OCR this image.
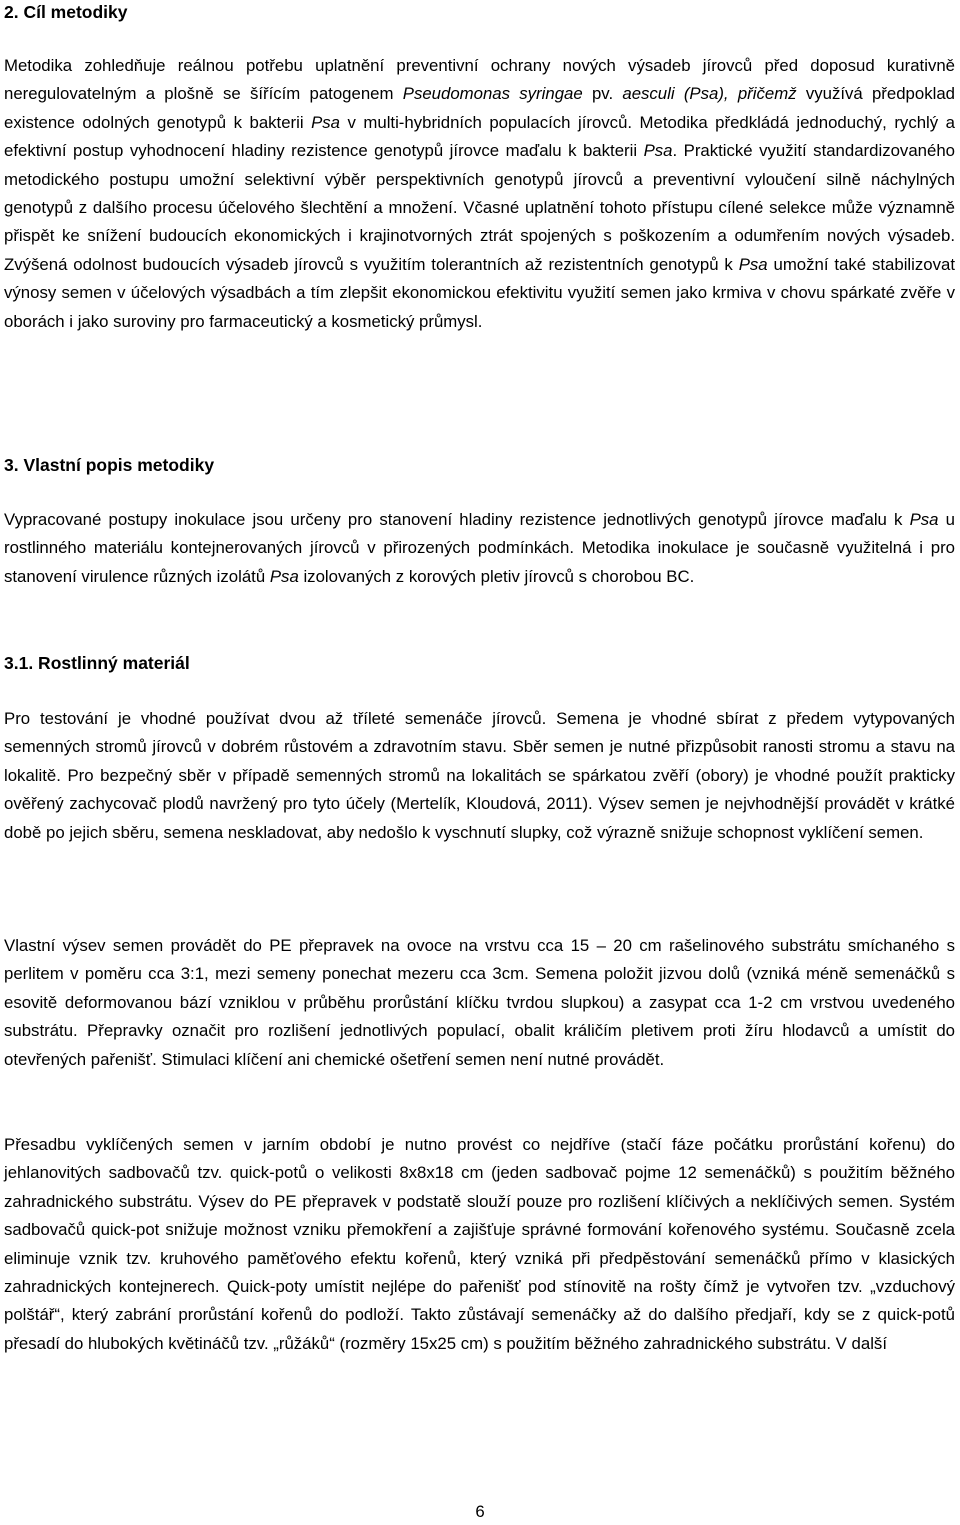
2. Cíl metodiky
Metodika zohledňuje reálnou potřebu uplatnění preventivní ochrany nových výsadeb jírovců před doposud kurativně neregulovatelným a plošně se šířícím patogenem Pseudomonas syringae pv. aesculi (Psa), přičemž využívá předpoklad existence odolných genotypů k bakterii Psa v multi-hybridních populacích jírovců. Metodika předkládá jednoduchý, rychlý a efektivní postup vyhodnocení hladiny rezistence genotypů jírovce maďalu k bakterii Psa. Praktické využití standardizovaného metodického postupu umožní selektivní výběr perspektivních genotypů jírovců a preventivní vyloučení silně náchylných genotypů z dalšího procesu účelového šlechtění a množení. Včasné uplatnění tohoto přístupu cílené selekce může významně přispět ke snížení budoucích ekonomických i krajinotvorných ztrát spojených s poškozením a odumřením nových výsadeb. Zvýšená odolnost budoucích výsadeb jírovců s využitím tolerantních až rezistentních genotypů k Psa umožní také stabilizovat výnosy semen v účelových výsadbách a tím zlepšit ekonomickou efektivitu využití semen jako krmiva v chovu spárkaté zvěře v oborách i jako suroviny pro farmaceutický a kosmetický průmysl.
3. Vlastní popis metodiky
Vypracované postupy inokulace jsou určeny pro stanovení hladiny rezistence jednotlivých genotypů jírovce maďalu k Psa u rostlinného materiálu kontejnerovaných jírovců v přirozených podmínkách. Metodika inokulace je současně využitelná i pro stanovení virulence různých izolátů Psa izolovaných z korových pletiv jírovců s chorobou BC.
3.1. Rostlinný materiál
Pro testování je vhodné používat dvou až tříleté semenáče jírovců. Semena je vhodné sbírat z předem vytypovaných semenných stromů jírovců v dobrém růstovém a zdravotním stavu. Sběr semen je nutné přizpůsobit ranosti stromu a stavu na lokalitě. Pro bezpečný sběr v případě semenných stromů na lokalitách se spárkatou zvěří (obory) je vhodné použít prakticky ověřený zachycovač plodů navržený pro tyto účely (Mertelík, Kloudová, 2011). Výsev semen je nejvhodnější provádět v krátké době po jejich sběru, semena neskladovat, aby nedošlo k vyschnutí slupky, což výrazně snižuje schopnost vyklíčení semen.
Vlastní výsev semen provádět do PE přepravek na ovoce na vrstvu cca 15 – 20 cm rašelinového substrátu smíchaného s perlitem v poměru cca 3:1, mezi semeny ponechat mezeru cca 3cm. Semena položit jizvou dolů (vzniká méně semenáčků s esovitě deformovanou bází vzniklou v průběhu prorůstání klíčku tvrdou slupkou) a zasypat cca 1-2 cm vrstvou uvedeného substrátu. Přepravky označit pro rozlišení jednotlivých populací, obalit králičím pletivem proti žíru hlodavců a umístit do otevřených pařenišť. Stimulaci klíčení ani chemické ošetření semen není nutné provádět.
Přesadbu vyklíčených semen v jarním období je nutno provést co nejdříve (stačí fáze počátku prorůstání kořenu) do jehlanovitých sadbovačů tzv. quick-potů o velikosti 8x8x18 cm (jeden sadbovač pojme 12 semenáčků) s použitím běžného zahradnického substrátu. Výsev do PE přepravek v podstatě slouží pouze pro rozlišení klíčivých a neklíčivých semen. Systém sadbovačů quick-pot snižuje možnost vzniku přemokření a zajišťuje správné formování kořenového systému. Současně zcela eliminuje vznik tzv. kruhového paměťového efektu kořenů, který vzniká při předpěstování semenáčků přímo v klasických zahradnických kontejnerech. Quick-poty umístit nejlépe do pařenišť pod stínovitě na rošty čímž je vytvořen tzv. „vzduchový polštář“, který zabrání prorůstání kořenů do podloží. Takto zůstávají semenáčky až do dalšího předjaří, kdy se z quick-potů přesadí do hlubokých květináčů tzv. „růžáků“ (rozměry 15x25 cm) s použitím běžného zahradnického substrátu. V další
6
